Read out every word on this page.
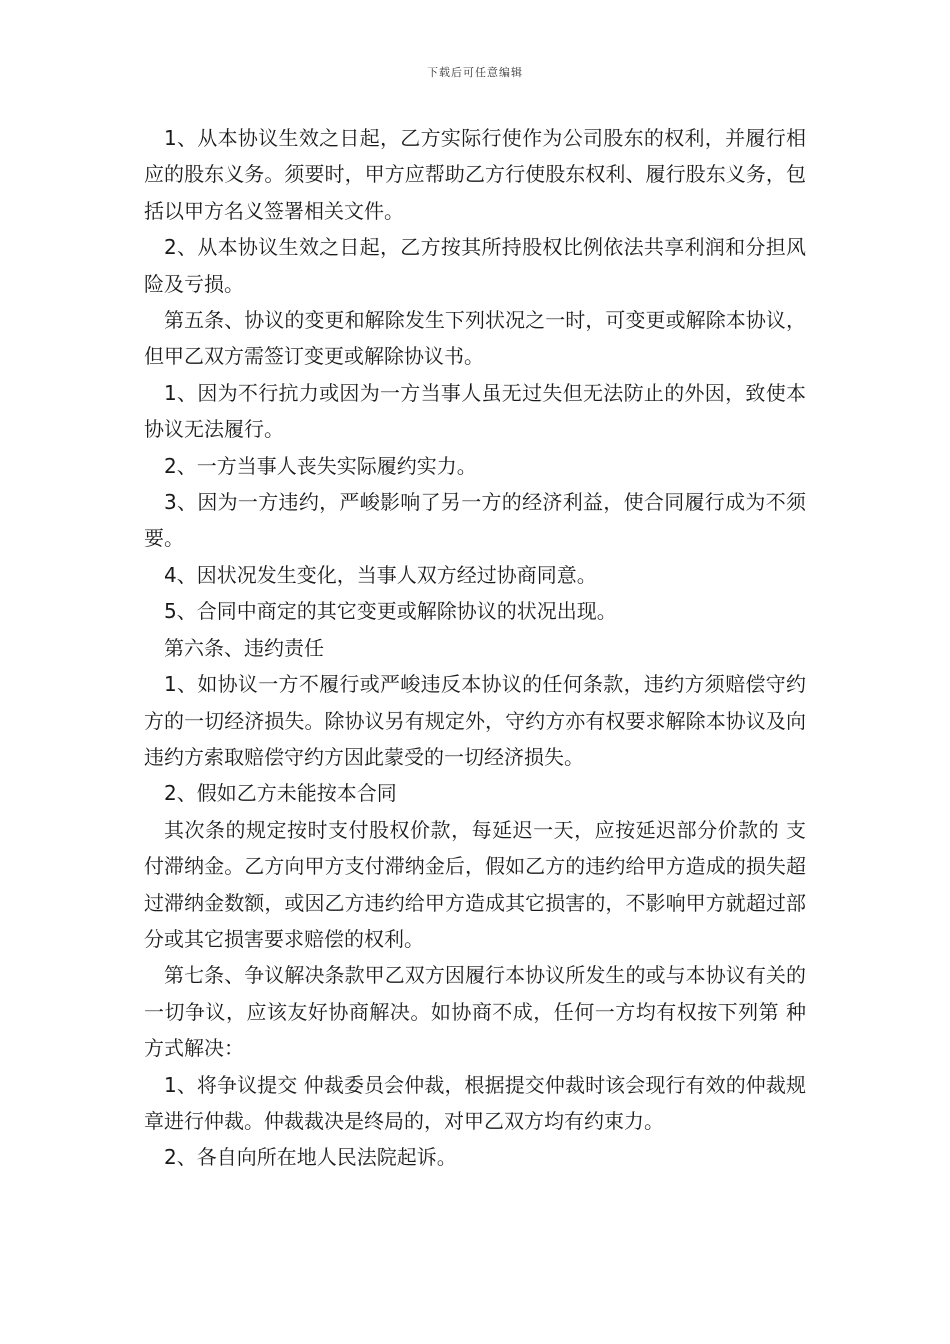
下载后可任意编辑

1、从本协议生效之日起，乙方实际行使作为公司股东的权利，并履行相应的股东义务。须要时，甲方应帮助乙方行使股东权利、履行股东义务，包括以甲方名义签署相关文件。

2、从本协议生效之日起，乙方按其所持股权比例依法共享利润和分担风险及亏损。

第五条、协议的变更和解除发生下列状况之一时，可变更或解除本协议，但甲乙双方需签订变更或解除协议书。

1、因为不行抗力或因为一方当事人虽无过失但无法防止的外因，致使本协议无法履行。

2、一方当事人丧失实际履约实力。

3、因为一方违约，严峻影响了另一方的经济利益，使合同履行成为不须要。

4、因状况发生变化，当事人双方经过协商同意。

5、合同中商定的其它变更或解除协议的状况出现。

第六条、违约责任

1、如协议一方不履行或严峻违反本协议的任何条款，违约方须赔偿守约方的一切经济损失。除协议另有规定外，守约方亦有权要求解除本协议及向违约方索取赔偿守约方因此蒙受的一切经济损失。

2、假如乙方未能按本合同

其次条的规定按时支付股权价款，每延迟一天，应按延迟部分价款的 支付滞纳金。乙方向甲方支付滞纳金后，假如乙方的违约给甲方造成的损失超过滞纳金数额，或因乙方违约给甲方造成其它损害的，不影响甲方就超过部分或其它损害要求赔偿的权利。

第七条、争议解决条款甲乙双方因履行本协议所发生的或与本协议有关的一切争议，应该友好协商解决。如协商不成，任何一方均有权按下列第 种方式解决：

1、将争议提交 仲裁委员会仲裁，根据提交仲裁时该会现行有效的仲裁规章进行仲裁。仲裁裁决是终局的，对甲乙双方均有约束力。

2、各自向所在地人民法院起诉。
